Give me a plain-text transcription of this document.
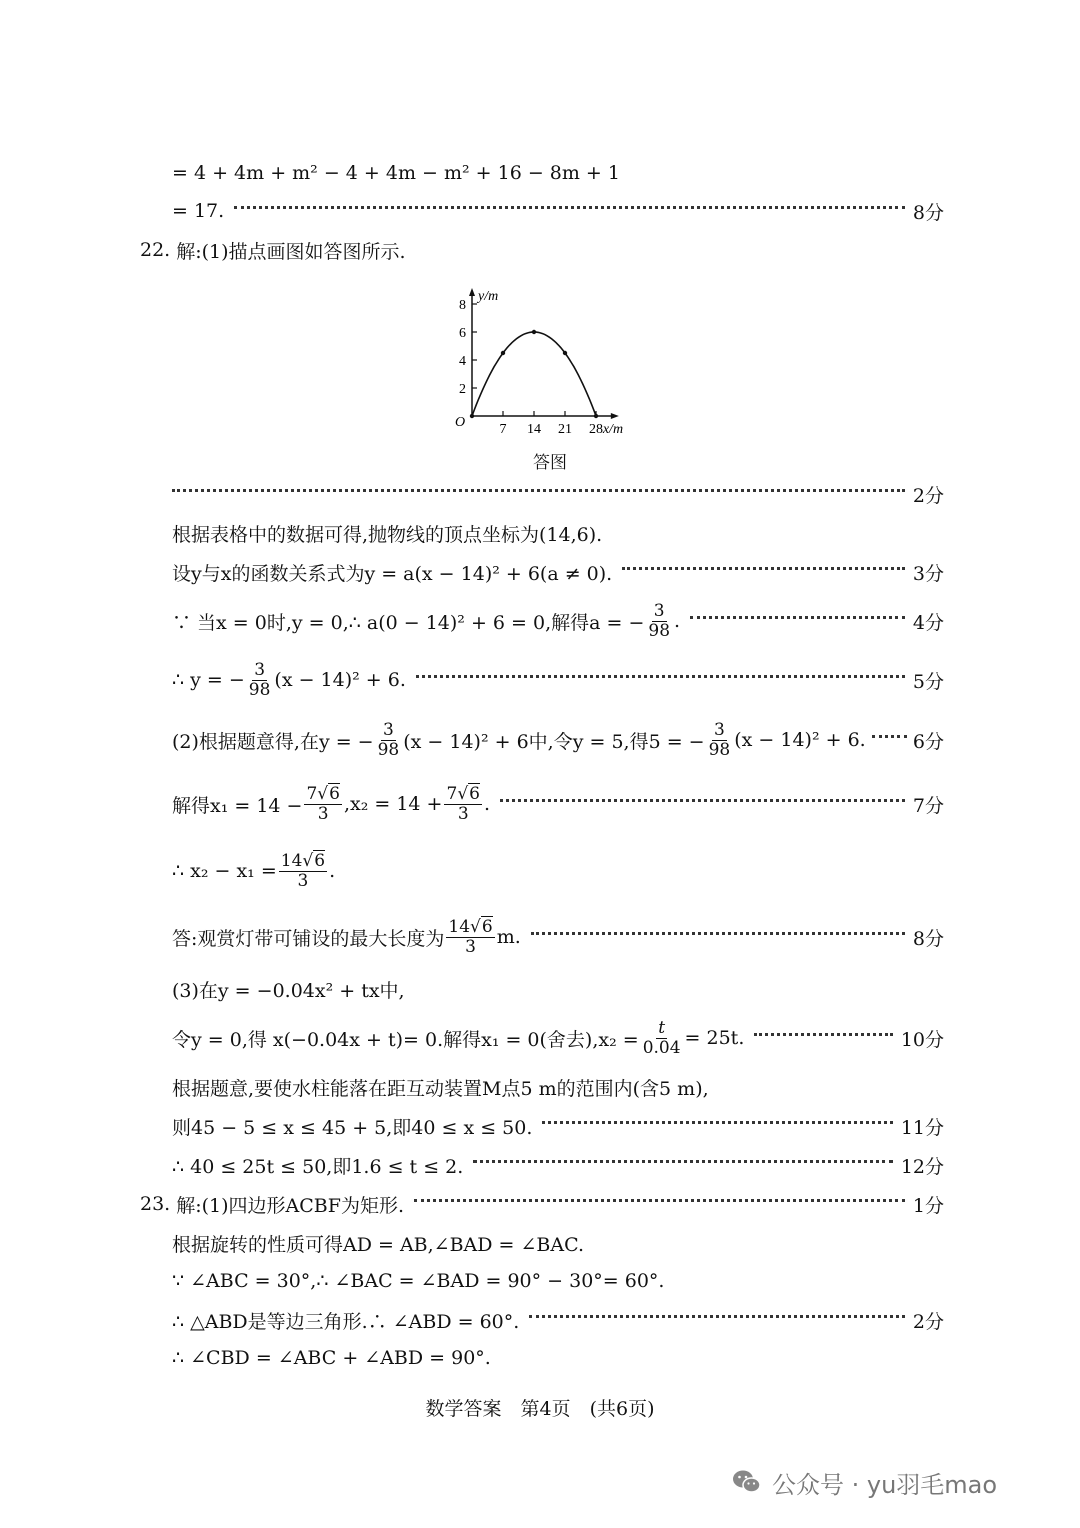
= 4 + 4m + m² − 4 + 4m − m² + 16 − 8m + 1
= 17.	8分
22. 解:(1)描点画图如答图所示.
7 14 21 28
2
4
6
8
O	x/m
y/m
答图
2分
根据表格中的数据可得,抛物线的顶点坐标为(14,6).
设y与x的函数关系式为y = a(x − 14)² + 6(a ≠ 0).	3分
∵ 当x = 0时,y = 0,∴ a(0 − 14)² + 6 = 0,解得a = − $\frac{3}{98}$ .	4分
∴ y = − $\frac{3}{98} (x - 14)^2 + 6$.	5分
(2)根据题意得,在y = − $\frac{3}{98} (x - 14)^2 + 6$中,令y = 5,得5 = − $\frac{3}{98} (x - 14)^2 + 6$. 6分
解得$x_1 = 14 - \frac{7√6}{3} ,x_2 = 14 + \frac{7√6}{3}$ .	7分
∴ $x_2 - x_1 = \frac{14√6}{3}$ .
答:观赏灯带可铺设的最大长度为 $\frac{14√6}{3} m$.	8分
(3)在y = −0.04x² + tx中,
令y = 0,得 x(−0.04x + t)= 0.解得x₁ = 0(舍去)$,x_2 = \frac{t}{0.04} = 25t$.	10分
根据题意,要使水柱能落在距互动装置M点5 m的范围内(含5 m),
则45 − 5 ≤ x ≤ 45 + 5,即40 ≤ x ≤ 50.	11分
∴ 40 ≤ 25t ≤ 50,即1.6 ≤ t ≤ 2.	12分
23. 解:(1)四边形ACBF为矩形.	1分
根据旋转的性质可得AD = AB,∠BAD = ∠BAC.
∵ ∠ABC = 30°,∴ ∠BAC = ∠BAD = 90° − 30°= 60°.
∴ △ABD是等边三角形.∴ ∠ABD = 60°.	2分
∴ ∠CBD = ∠ABC + ∠ABD = 90°.
数学答案　第4页　(共6页)
公众号 · yu羽毛mao
